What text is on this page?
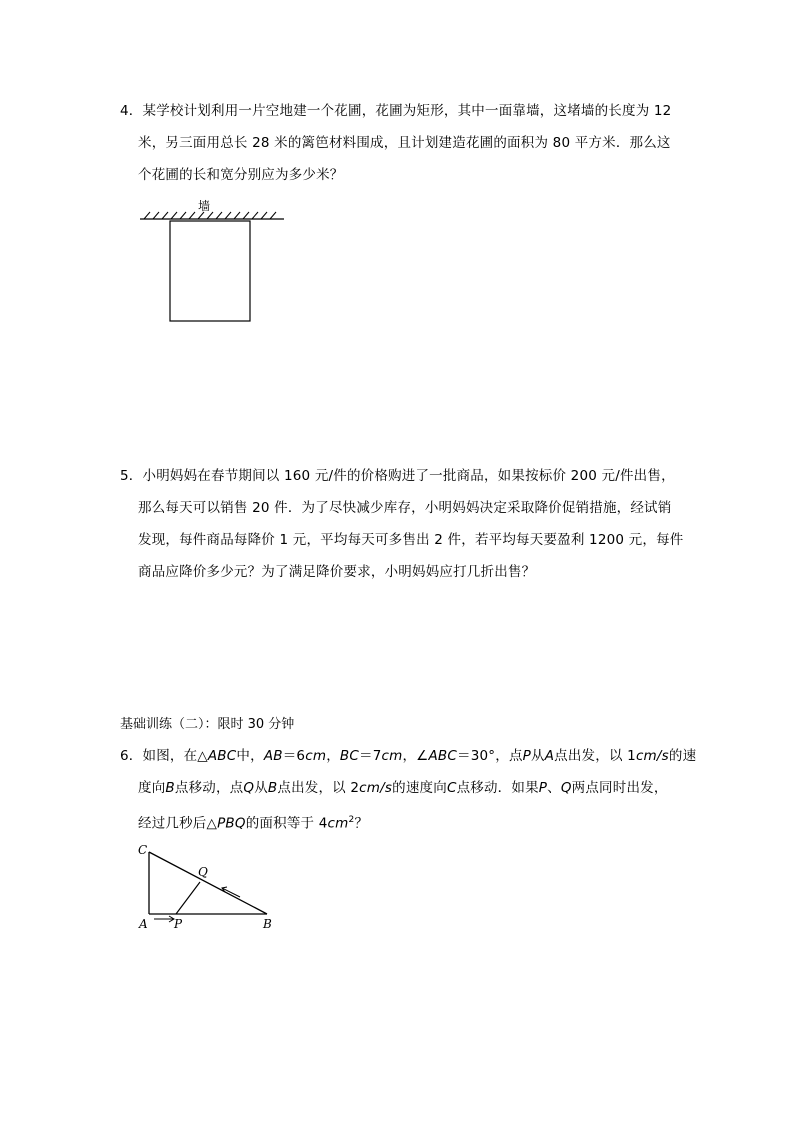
4．某学校计划利用一片空地建一个花圃，花圃为矩形，其中一面靠墙，这堵墙的长度为 12
米，另三面用总长 28 米的篱笆材料围成，且计划建造花圃的面积为 80 平方米．那么这
个花圃的长和宽分别应为多少米？
墙
5．小明妈妈在春节期间以 160 元/件的价格购进了一批商品，如果按标价 200 元/件出售，
那么每天可以销售 20 件．为了尽快减少库存，小明妈妈决定采取降价促销措施，经试销
发现，每件商品每降价 1 元，平均每天可多售出 2 件，若平均每天要盈利 1200 元，每件
商品应降价多少元？为了满足降价要求，小明妈妈应打几折出售？
基础训练（二）：限时 30 分钟
6．如图，在△ABC中，AB＝6cm，BC＝7cm，∠ABC＝30°，点P从A点出发，以 1cm/s的速
度向B点移动，点Q从B点出发，以 2cm/s的速度向C点移动．如果P、Q两点同时出发，
经过几秒后△PBQ的面积等于 $4cm^2$？
C
Q
A P	B
